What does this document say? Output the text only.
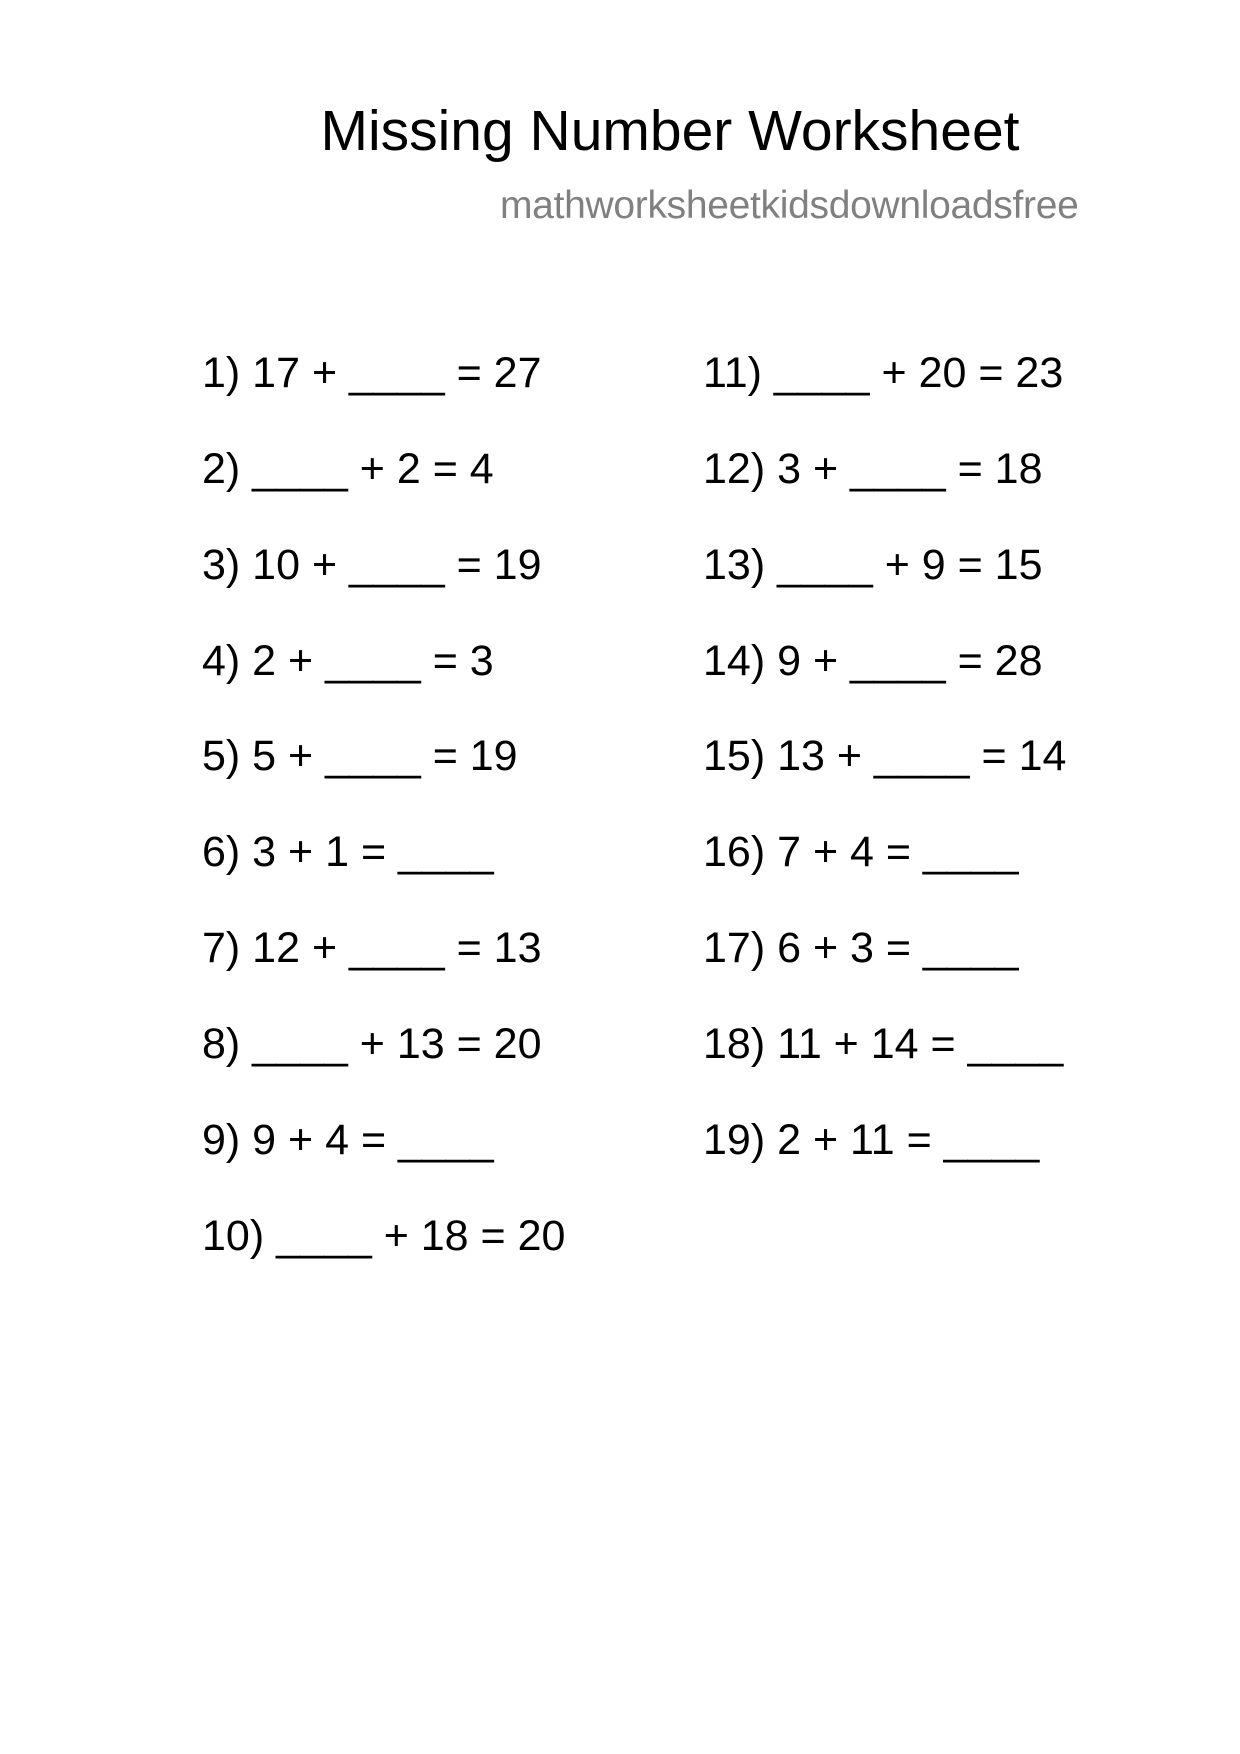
Missing Number Worksheet
mathworksheetkidsdownloadsfree
1) 17 + ____ = 27
2) ____ + 2 = 4
3) 10 + ____ = 19
4) 2 + ____ = 3
5) 5 + ____ = 19
6) 3 + 1 = ____
7) 12 + ____ = 13
8) ____ + 13 = 20
9) 9 + 4 = ____
10) ____ + 18 = 20
11) ____ + 20 = 23
12) 3 + ____ = 18
13) ____ + 9 = 15
14) 9 + ____ = 28
15) 13 + ____ = 14
16) 7 + 4 = ____
17) 6 + 3 = ____
18) 11 + 14 = ____
19) 2 + 11 = ____
